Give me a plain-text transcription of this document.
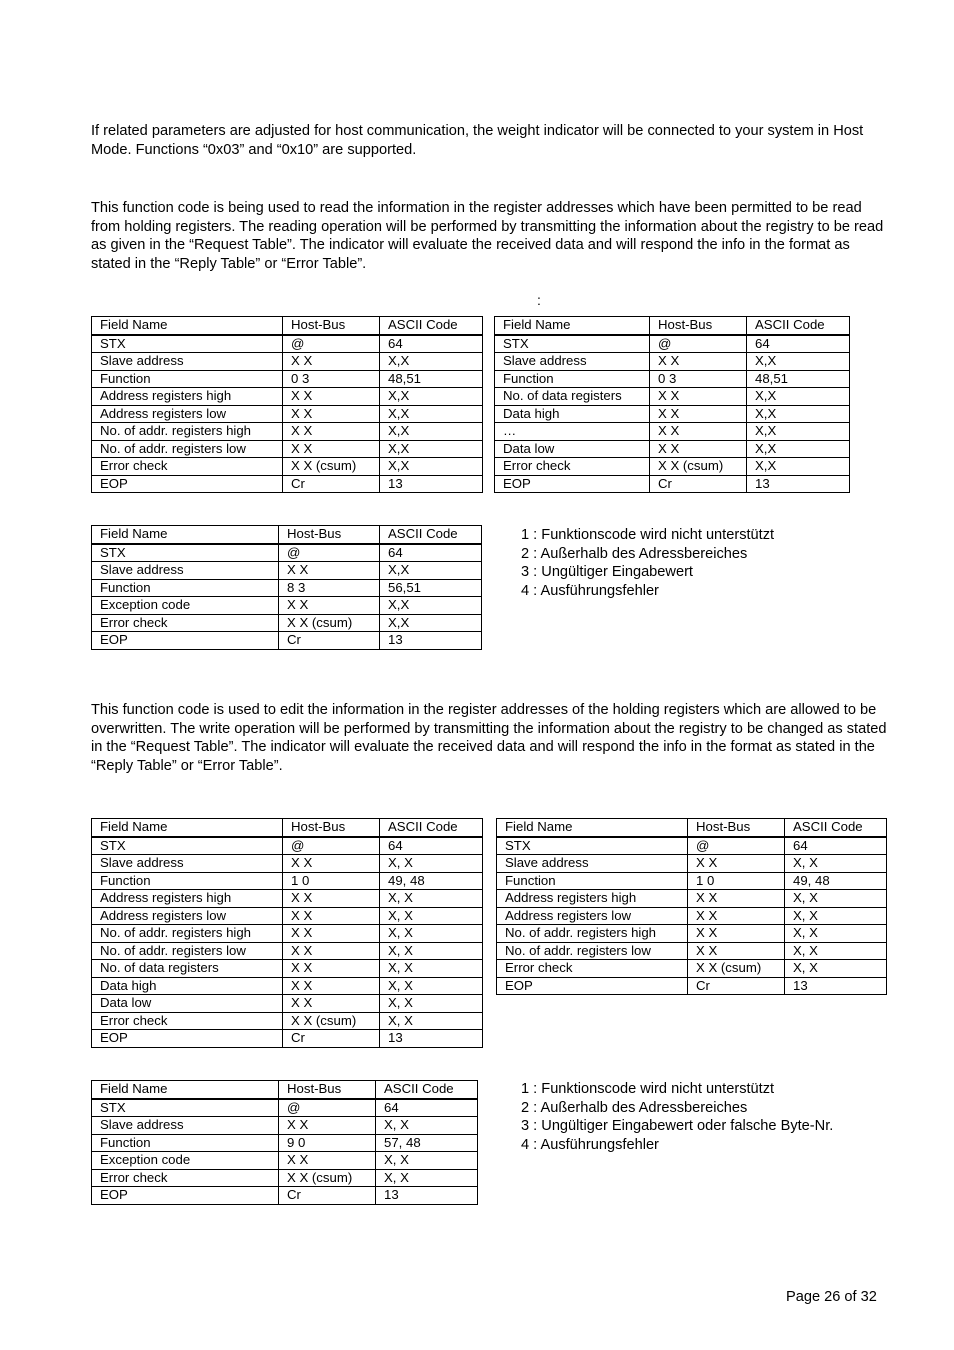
If related parameters are adjusted for host communication, the weight indicator will be connected to your system in Host Mode. Functions “0x03” and “0x10” are supported.

This function code is being used to read the information in the register addresses which have been permitted to be read from holding registers. The reading operation will be performed by transmitting the information about the registry to be read as given in the “Request Table”. The indicator will evaluate the received data and will respond the info in the format as stated in the “Reply Table” or “Error Table”.

:
Field Name	Host-Bus	ASCII Code
STX	@	64
Slave address	X X	X,X
Function	0 3	48,51
Address registers high	X X	X,X
Address registers low	X X	X,X
No. of addr. registers high	X X	X,X
No. of addr. registers low	X X	X,X
Error check	X X (csum)	X,X
EOP	Cr	13
Field Name	Host-Bus	ASCII Code
STX	@	64
Slave address	X X	X,X
Function	0 3	48,51
No. of data registers	X X	X,X
Data high	X X	X,X
…	X X	X,X
Data low	X X	X,X
Error check	X X (csum)	X,X
EOP	Cr	13
Field Name	Host-Bus	ASCII Code
STX	@	64
Slave address	X X	X,X
Function	8 3	56,51
Exception code	X X	X,X
Error check	X X (csum)	X,X
EOP	Cr	13
1 : Funktionscode wird nicht unterstützt
2 : Außerhalb des Adressbereiches
3 : Ungültiger Eingabewert
4 : Ausführungsfehler

This function code is used to edit the information in the register addresses of the holding registers which are allowed to be overwritten. The write operation will be performed by transmitting the information about the registry to be changed as stated in the “Request Table”. The indicator will evaluate the received data and will respond the info in the format as stated in the “Reply Table” or “Error Table”.

Field Name	Host-Bus	ASCII Code
STX	@	64
Slave address	X X	X, X
Function	1 0	49, 48
Address registers high	X X	X, X
Address registers low	X X	X, X
No. of addr. registers high	X X	X, X
No. of addr. registers low	X X	X, X
No. of data registers	X X	X, X
Data high	X X	X, X
Data low	X X	X, X
Error check	X X (csum)	X, X
EOP	Cr	13
Field Name	Host-Bus	ASCII Code
STX	@	64
Slave address	X X	X, X
Function	1 0	49, 48
Address registers high	X X	X, X
Address registers low	X X	X, X
No. of addr. registers high	X X	X, X
No. of addr. registers low	X X	X, X
Error check	X X (csum)	X, X
EOP	Cr	13
Field Name	Host-Bus	ASCII Code
STX	@	64
Slave address	X X	X, X
Function	9 0	57, 48
Exception code	X X	X, X
Error check	X X (csum)	X, X
EOP	Cr	13
1 : Funktionscode wird nicht unterstützt
2 : Außerhalb des Adressbereiches
3 : Ungültiger Eingabewert oder falsche Byte-Nr.
4 : Ausführungsfehler
Page 26 of 32
